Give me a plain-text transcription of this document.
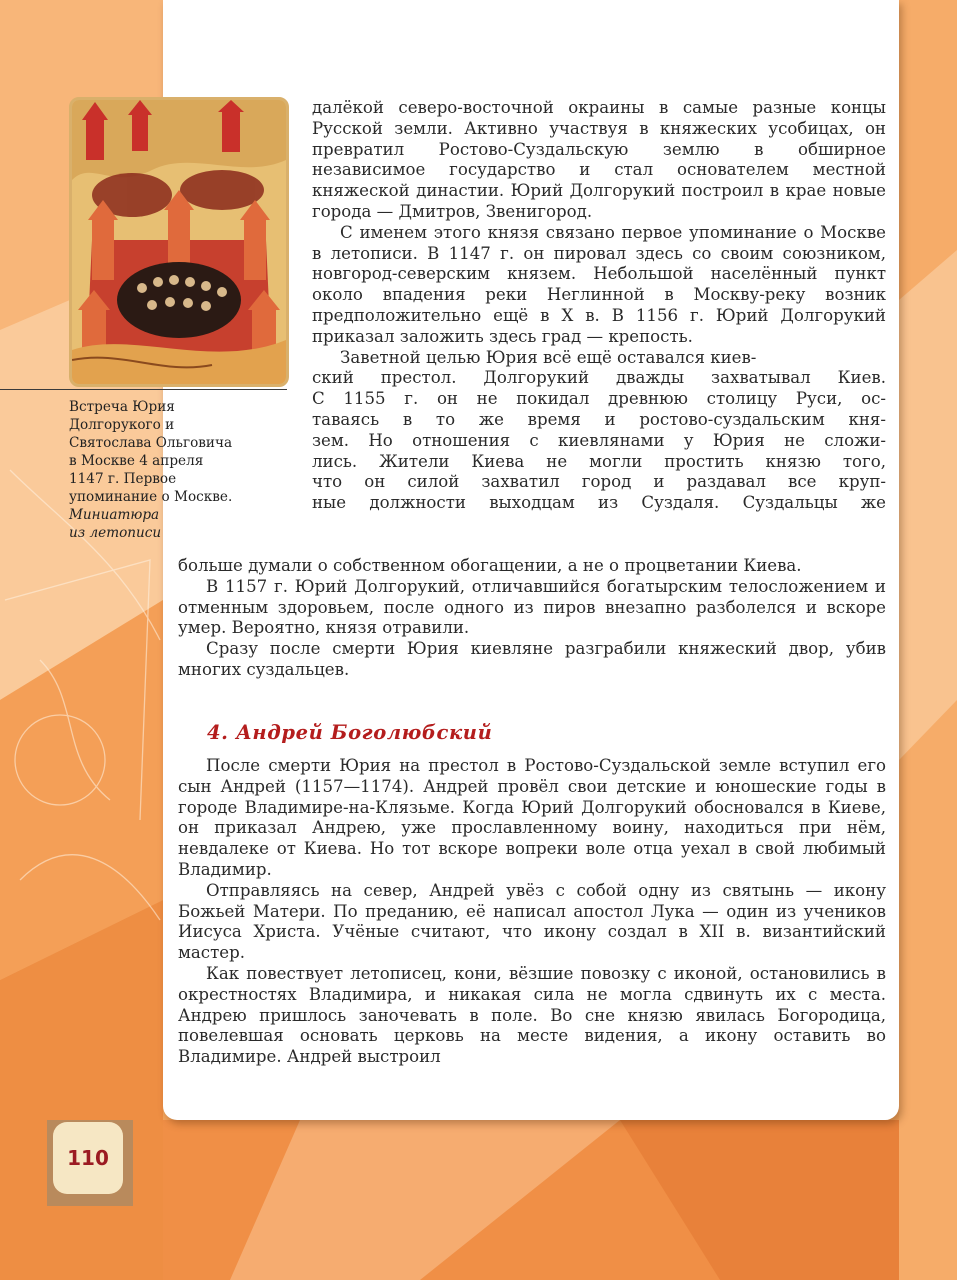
Встреча Юрия
Долгорукого и
Святослава Ольговича
в Москве 4 апреля
1147 г. Первое
упоминание о Москве.
Миниатюра
из летописи

далёкой северо-восточной окраины в самые разные концы Русской земли. Активно участвуя в княжеских усобицах, он превратил Ростово-Суздальскую землю в обширное независимое государство и стал основателем местной княжеской династии. Юрий Долгорукий построил в крае новые города — Дмитров, Звенигород.

С именем этого князя связано первое упоминание о Москве в летописи. В 1147 г. он пировал здесь со своим союзником, новгород-северским князем. Небольшой населённый пункт около впадения реки Неглинной в Москву-реку возник предположительно ещё в X в. В 1156 г. Юрий Долгорукий приказал заложить здесь град — крепость.

Заветной целью Юрия всё ещё оставался киев-
ский престол. Долгорукий дважды захватывал Киев.
С 1155 г. он не покидал древнюю столицу Руси, ос-
таваясь в то же время и ростово-суздальским кня-
зем. Но отношения с киевлянами у Юрия не сложи-
лись. Жители Киева не могли простить князю того,
что он силой захватил город и раздавал все круп-
ные должности выходцам из Суздаля. Суздальцы же

больше думали о собственном обогащении, а не о процветании Киева.

В 1157 г. Юрий Долгорукий, отличавшийся богатырским телосложением и отменным здоровьем, после одного из пиров внезапно разболелся и вскоре умер. Вероятно, князя отравили.

Сразу после смерти Юрия киевляне разграбили княжеский двор, убив многих суздальцев.

4. Андрей Боголюбский

После смерти Юрия на престол в Ростово-Суздальской земле вступил его сын Андрей (1157—1174). Андрей провёл свои детские и юношеские годы в городе Владимире-на-Клязьме. Когда Юрий Долгорукий обосновался в Киеве, он приказал Андрею, уже прославленному воину, находиться при нём, невдалеке от Киева. Но тот вскоре вопреки воле отца уехал в свой любимый Владимир.

Отправляясь на север, Андрей увёз с собой одну из святынь — икону Божьей Матери. По преданию, её написал апостол Лука — один из учеников Иисуса Христа. Учёные считают, что икону создал в XII в. византийский мастер.

Как повествует летописец, кони, вёзшие повозку с иконой, остановились в окрестностях Владимира, и никакая сила не могла сдвинуть их с места. Андрею пришлось заночевать в поле. Во сне князю явилась Богородица, повелевшая основать церковь на месте видения, а икону оставить во Владимире. Андрей выстроил

110
